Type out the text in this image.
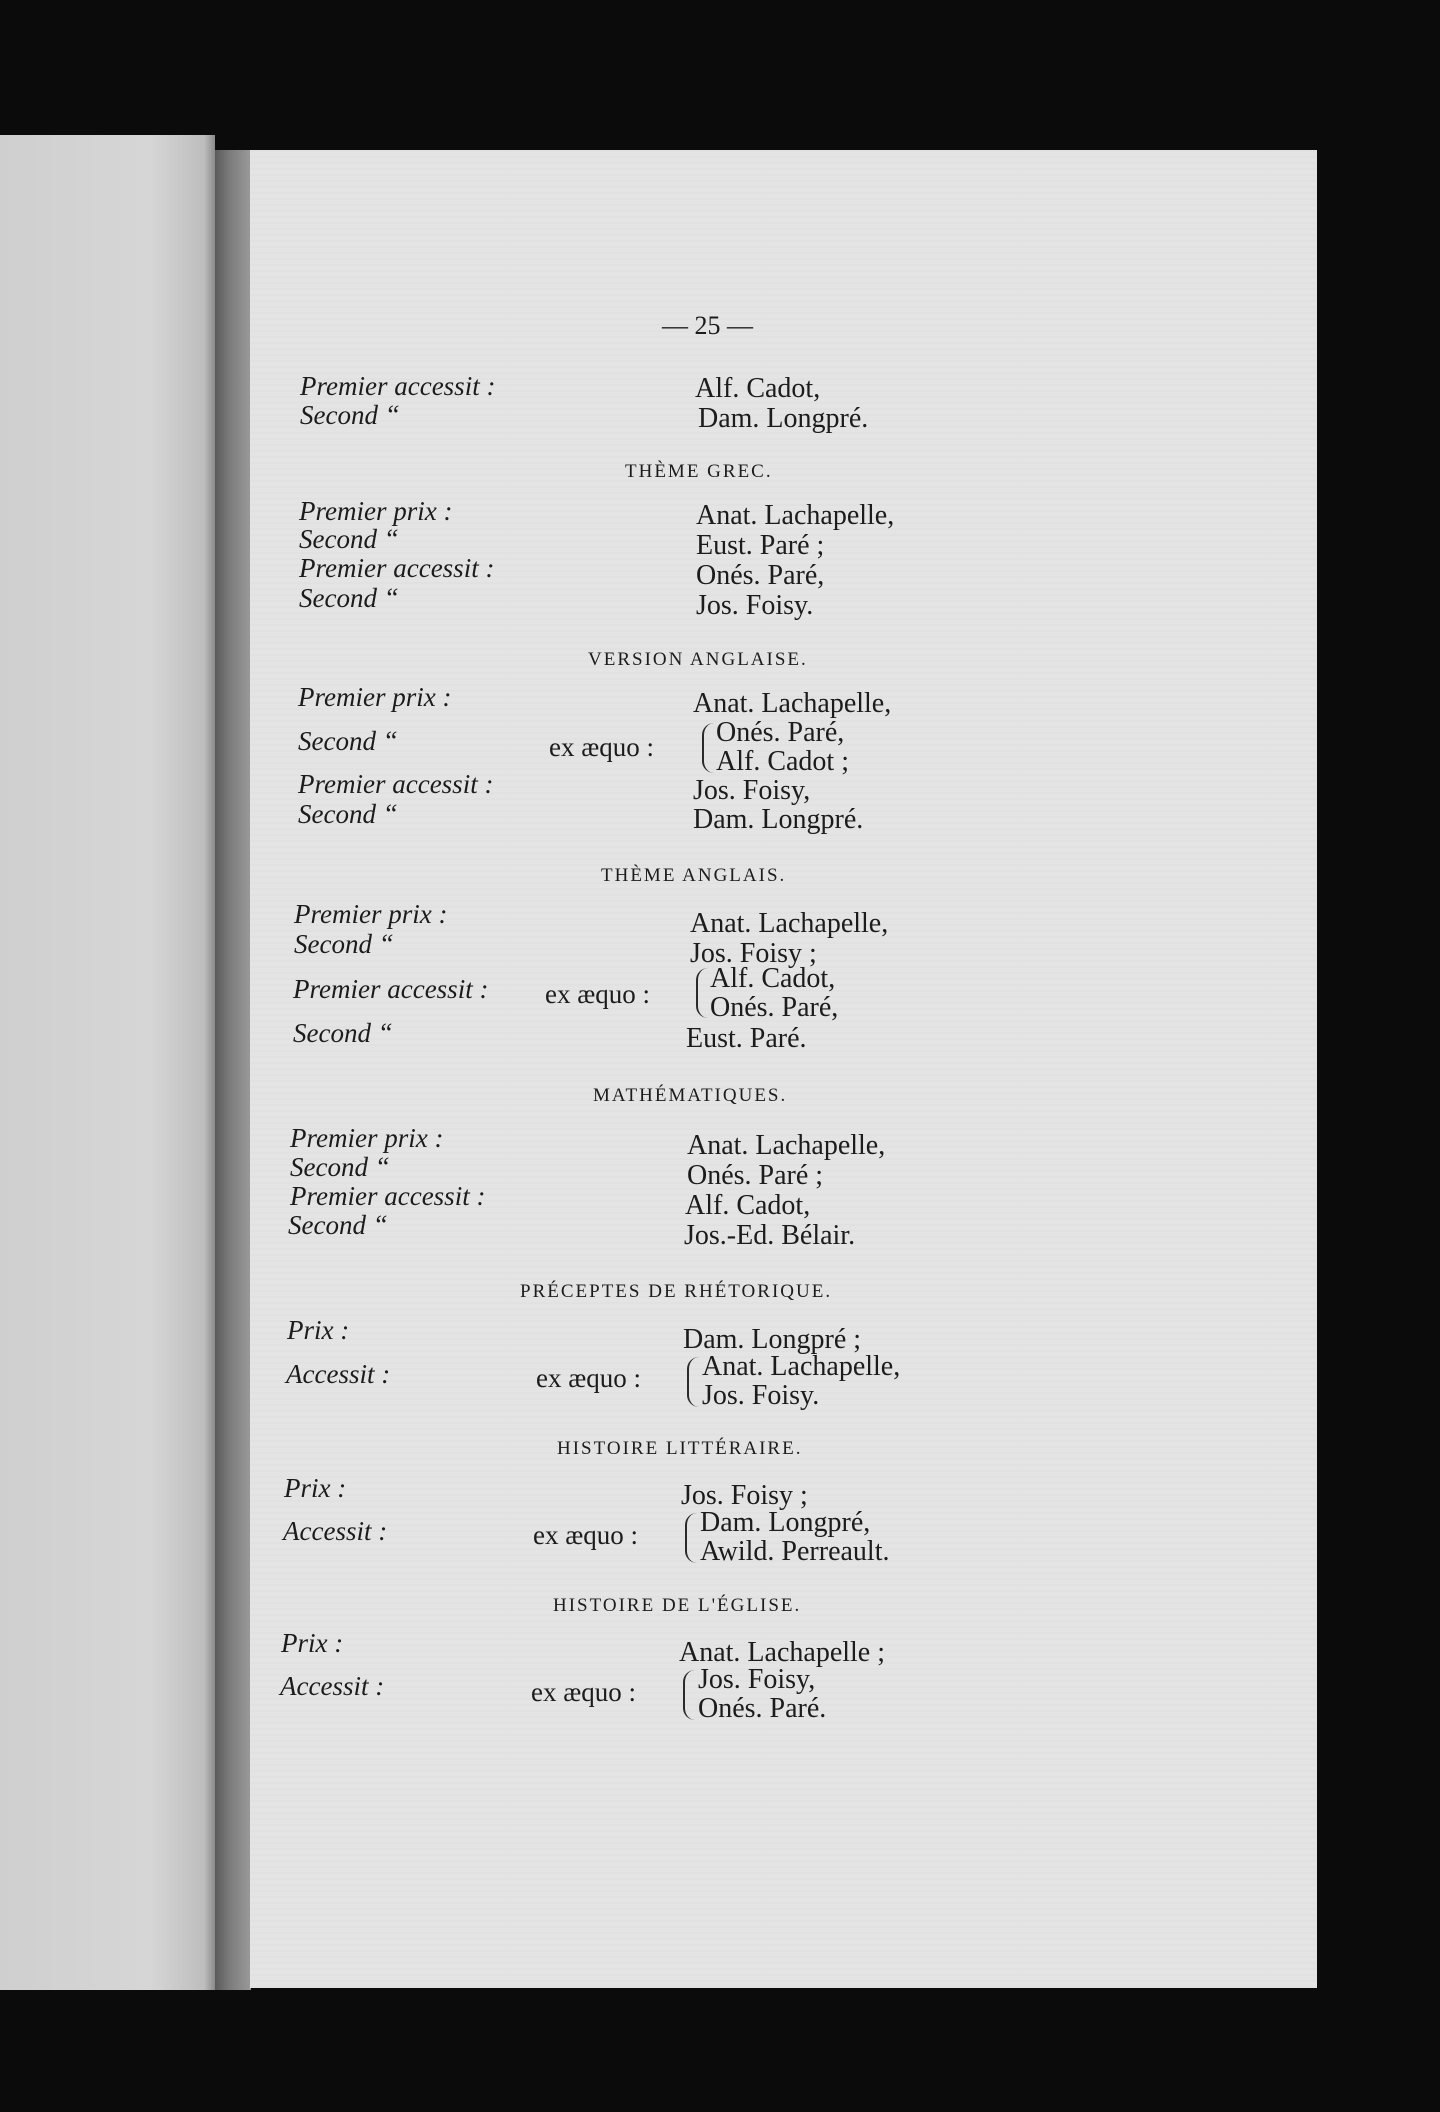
— 25 —
Premier accessit :	Alf. Cadot,
Second “	Dam. Longpré.
THÈME GREC.
Premier prix :	Anat. Lachapelle,
Second “	Eust. Paré ;
Premier accessit :	Onés. Paré,
Second “	Jos. Foisy.
VERSION ANGLAISE.
Premier prix :	Anat. Lachapelle,
Second “	ex æquo : Onés. Paré,
Alf. Cadot ;
Premier accessit :	Jos. Foisy,
Second “	Dam. Longpré.
THÈME ANGLAIS.
Premier prix :	Anat. Lachapelle,
Second “	Jos. Foisy ;
Premier accessit : ex æquo : Alf. Cadot,
Onés. Paré,
Second “	Eust. Paré.
MATHÉMATIQUES.
Premier prix :	Anat. Lachapelle,
Second “	Onés. Paré ;
Premier accessit :	Alf. Cadot,
Second “	Jos.-Ed. Bélair.
PRÉCEPTES DE RHÉTORIQUE.
Prix :	Dam. Longpré ;
Accessit :	ex æquo : Anat. Lachapelle,
Jos. Foisy.
HISTOIRE LITTÉRAIRE.
Prix :	Jos. Foisy ;
Accessit :	ex æquo : Dam. Longpré,
Awild. Perreault.
HISTOIRE DE L'ÉGLISE.
Prix :	Anat. Lachapelle ;
Accessit :	ex æquo : Jos. Foisy,
Onés. Paré.
